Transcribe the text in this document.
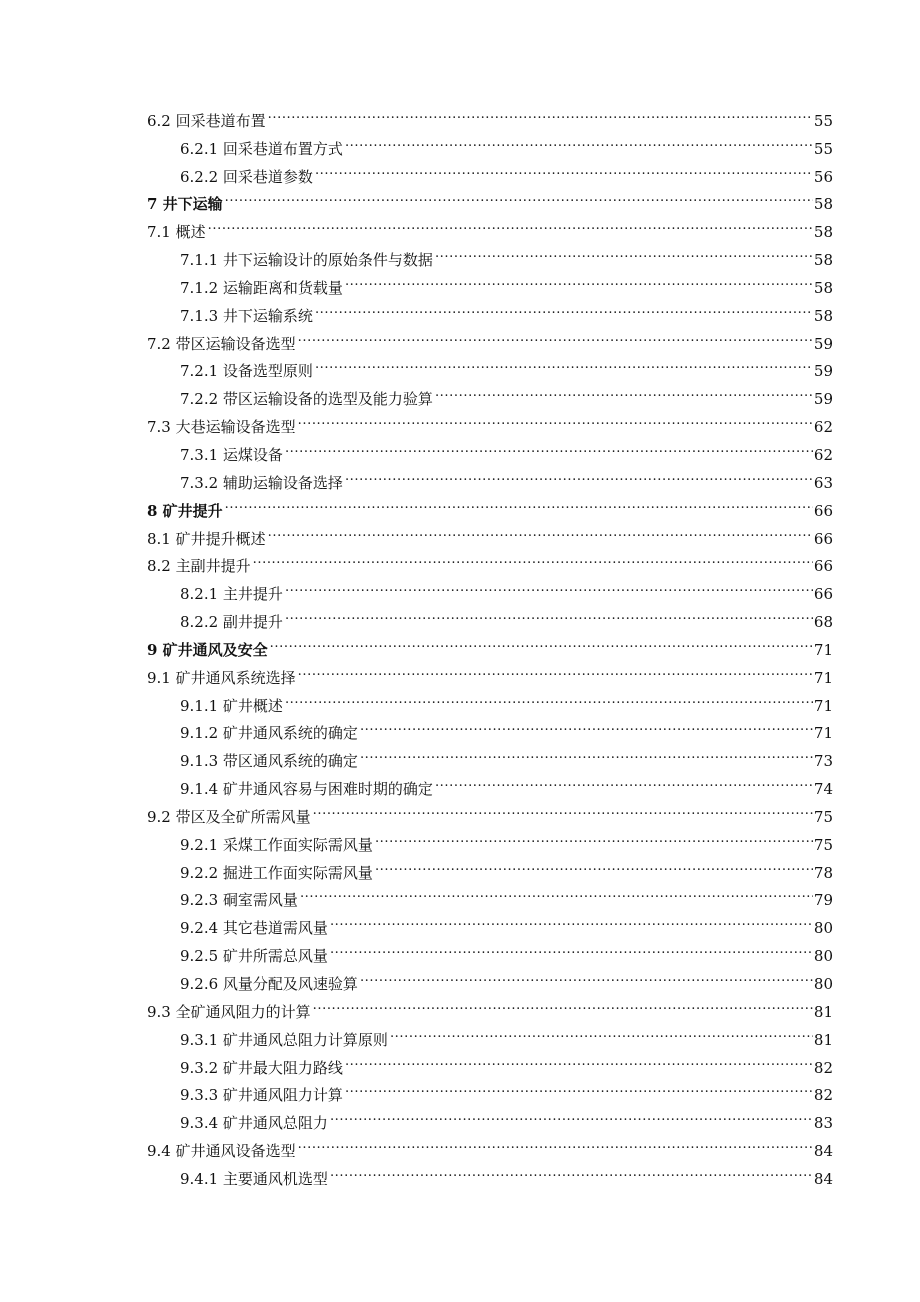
6.2 回采巷道布置 .....	55
6.2.1 回采巷道布置方式 .....	55
6.2.2 回采巷道参数 .....	56
7 井下运输 .....	58
7.1 概述 .....	58
7.1.1 井下运输设计的原始条件与数据 .....	58
7.1.2 运输距离和货载量 .....	58
7.1.3 井下运输系统 .....	58
7.2 带区运输设备选型 .....	59
7.2.1 设备选型原则 .....	59
7.2.2 带区运输设备的选型及能力验算 .....	59
7.3 大巷运输设备选型 .....	62
7.3.1 运煤设备 .....	62
7.3.2 辅助运输设备选择 .....	63
8 矿井提升 .....	66
8.1 矿井提升概述 .....	66
8.2 主副井提升 .....	66
8.2.1 主井提升 .....	66
8.2.2 副井提升 .....	68
9 矿井通风及安全 .....	71
9.1 矿井通风系统选择 .....	71
9.1.1 矿井概述 .....	71
9.1.2 矿井通风系统的确定 .....	71
9.1.3 带区通风系统的确定 .....	73
9.1.4 矿井通风容易与困难时期的确定 .....	74
9.2 带区及全矿所需风量 .....	75
9.2.1 采煤工作面实际需风量 .....	75
9.2.2 掘进工作面实际需风量 .....	78
9.2.3 硐室需风量 .....	79
9.2.4 其它巷道需风量 .....	80
9.2.5 矿井所需总风量 .....	80
9.2.6 风量分配及风速验算 .....	80
9.3 全矿通风阻力的计算 .....	81
9.3.1 矿井通风总阻力计算原则 .....	81
9.3.2 矿井最大阻力路线 .....	82
9.3.3 矿井通风阻力计算 .....	82
9.3.4 矿井通风总阻力 .....	83
9.4 矿井通风设备选型 .....	84
9.4.1 主要通风机选型 .....	84
